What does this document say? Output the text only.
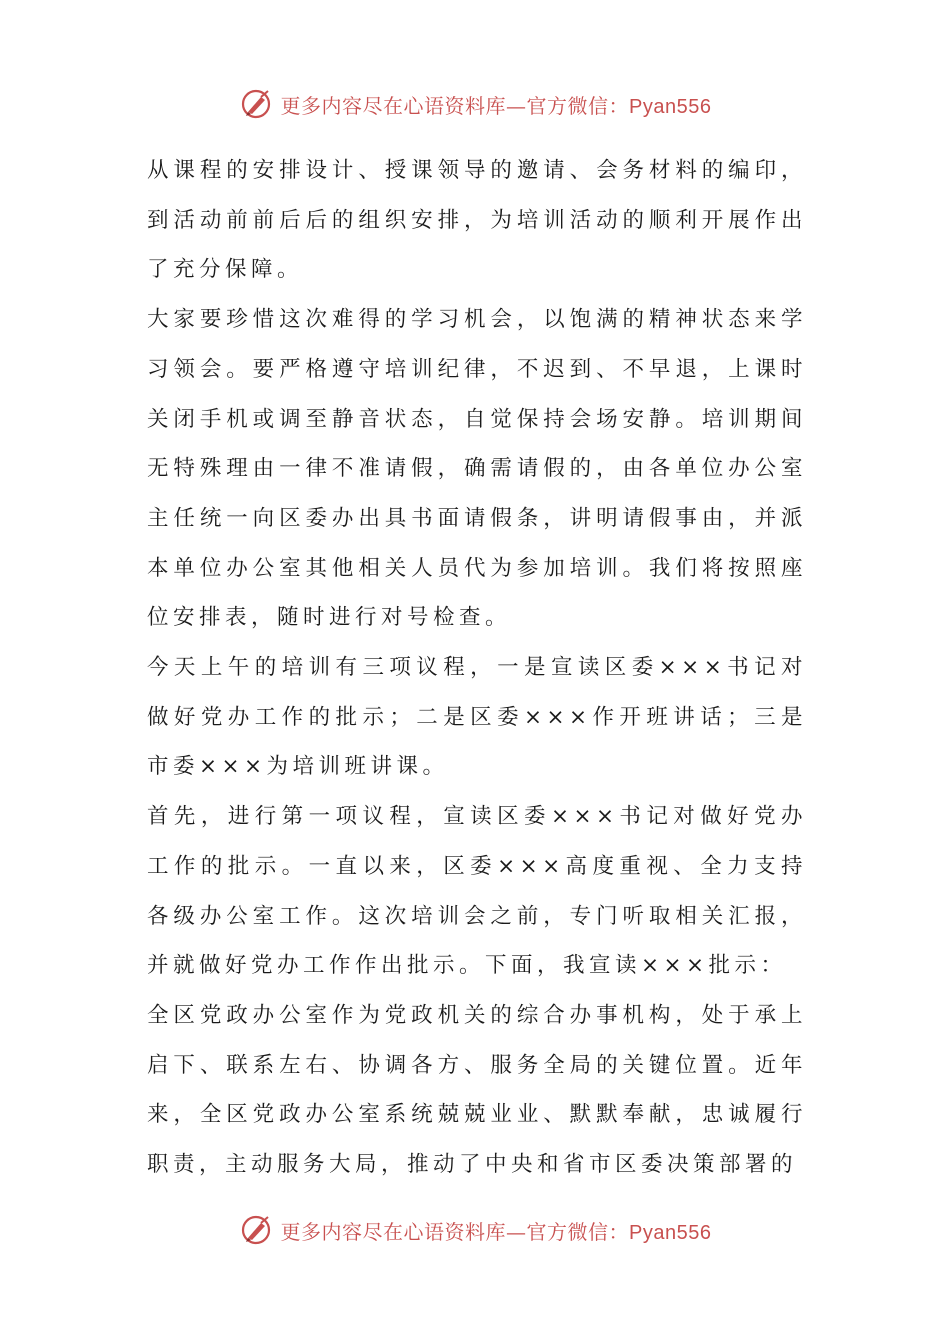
更多内容尽在心语资料库—官方微信：Pyan556

从课程的安排设计、授课领导的邀请、会务材料的编印，到活动前前后后的组织安排，为培训活动的顺利开展作出了充分保障。

大家要珍惜这次难得的学习机会，以饱满的精神状态来学习领会。要严格遵守培训纪律，不迟到、不早退，上课时关闭手机或调至静音状态，自觉保持会场安静。培训期间无特殊理由一律不准请假，确需请假的，由各单位办公室主任统一向区委办出具书面请假条，讲明请假事由，并派本单位办公室其他相关人员代为参加培训。我们将按照座位安排表，随时进行对号检查。

今天上午的培训有三项议程，一是宣读区委×××书记对做好党办工作的批示；二是区委×××作开班讲话；三是市委×××为培训班讲课。

首先，进行第一项议程，宣读区委×××书记对做好党办工作的批示。一直以来，区委×××高度重视、全力支持各级办公室工作。这次培训会之前，专门听取相关汇报，并就做好党办工作作出批示。下面，我宣读×××批示：

全区党政办公室作为党政机关的综合办事机构，处于承上启下、联系左右、协调各方、服务全局的关键位置。近年来，全区党政办公室系统兢兢业业、默默奉献，忠诚履行职责，主动服务大局，推动了中央和省市区委决策部署的

更多内容尽在心语资料库—官方微信：Pyan556
